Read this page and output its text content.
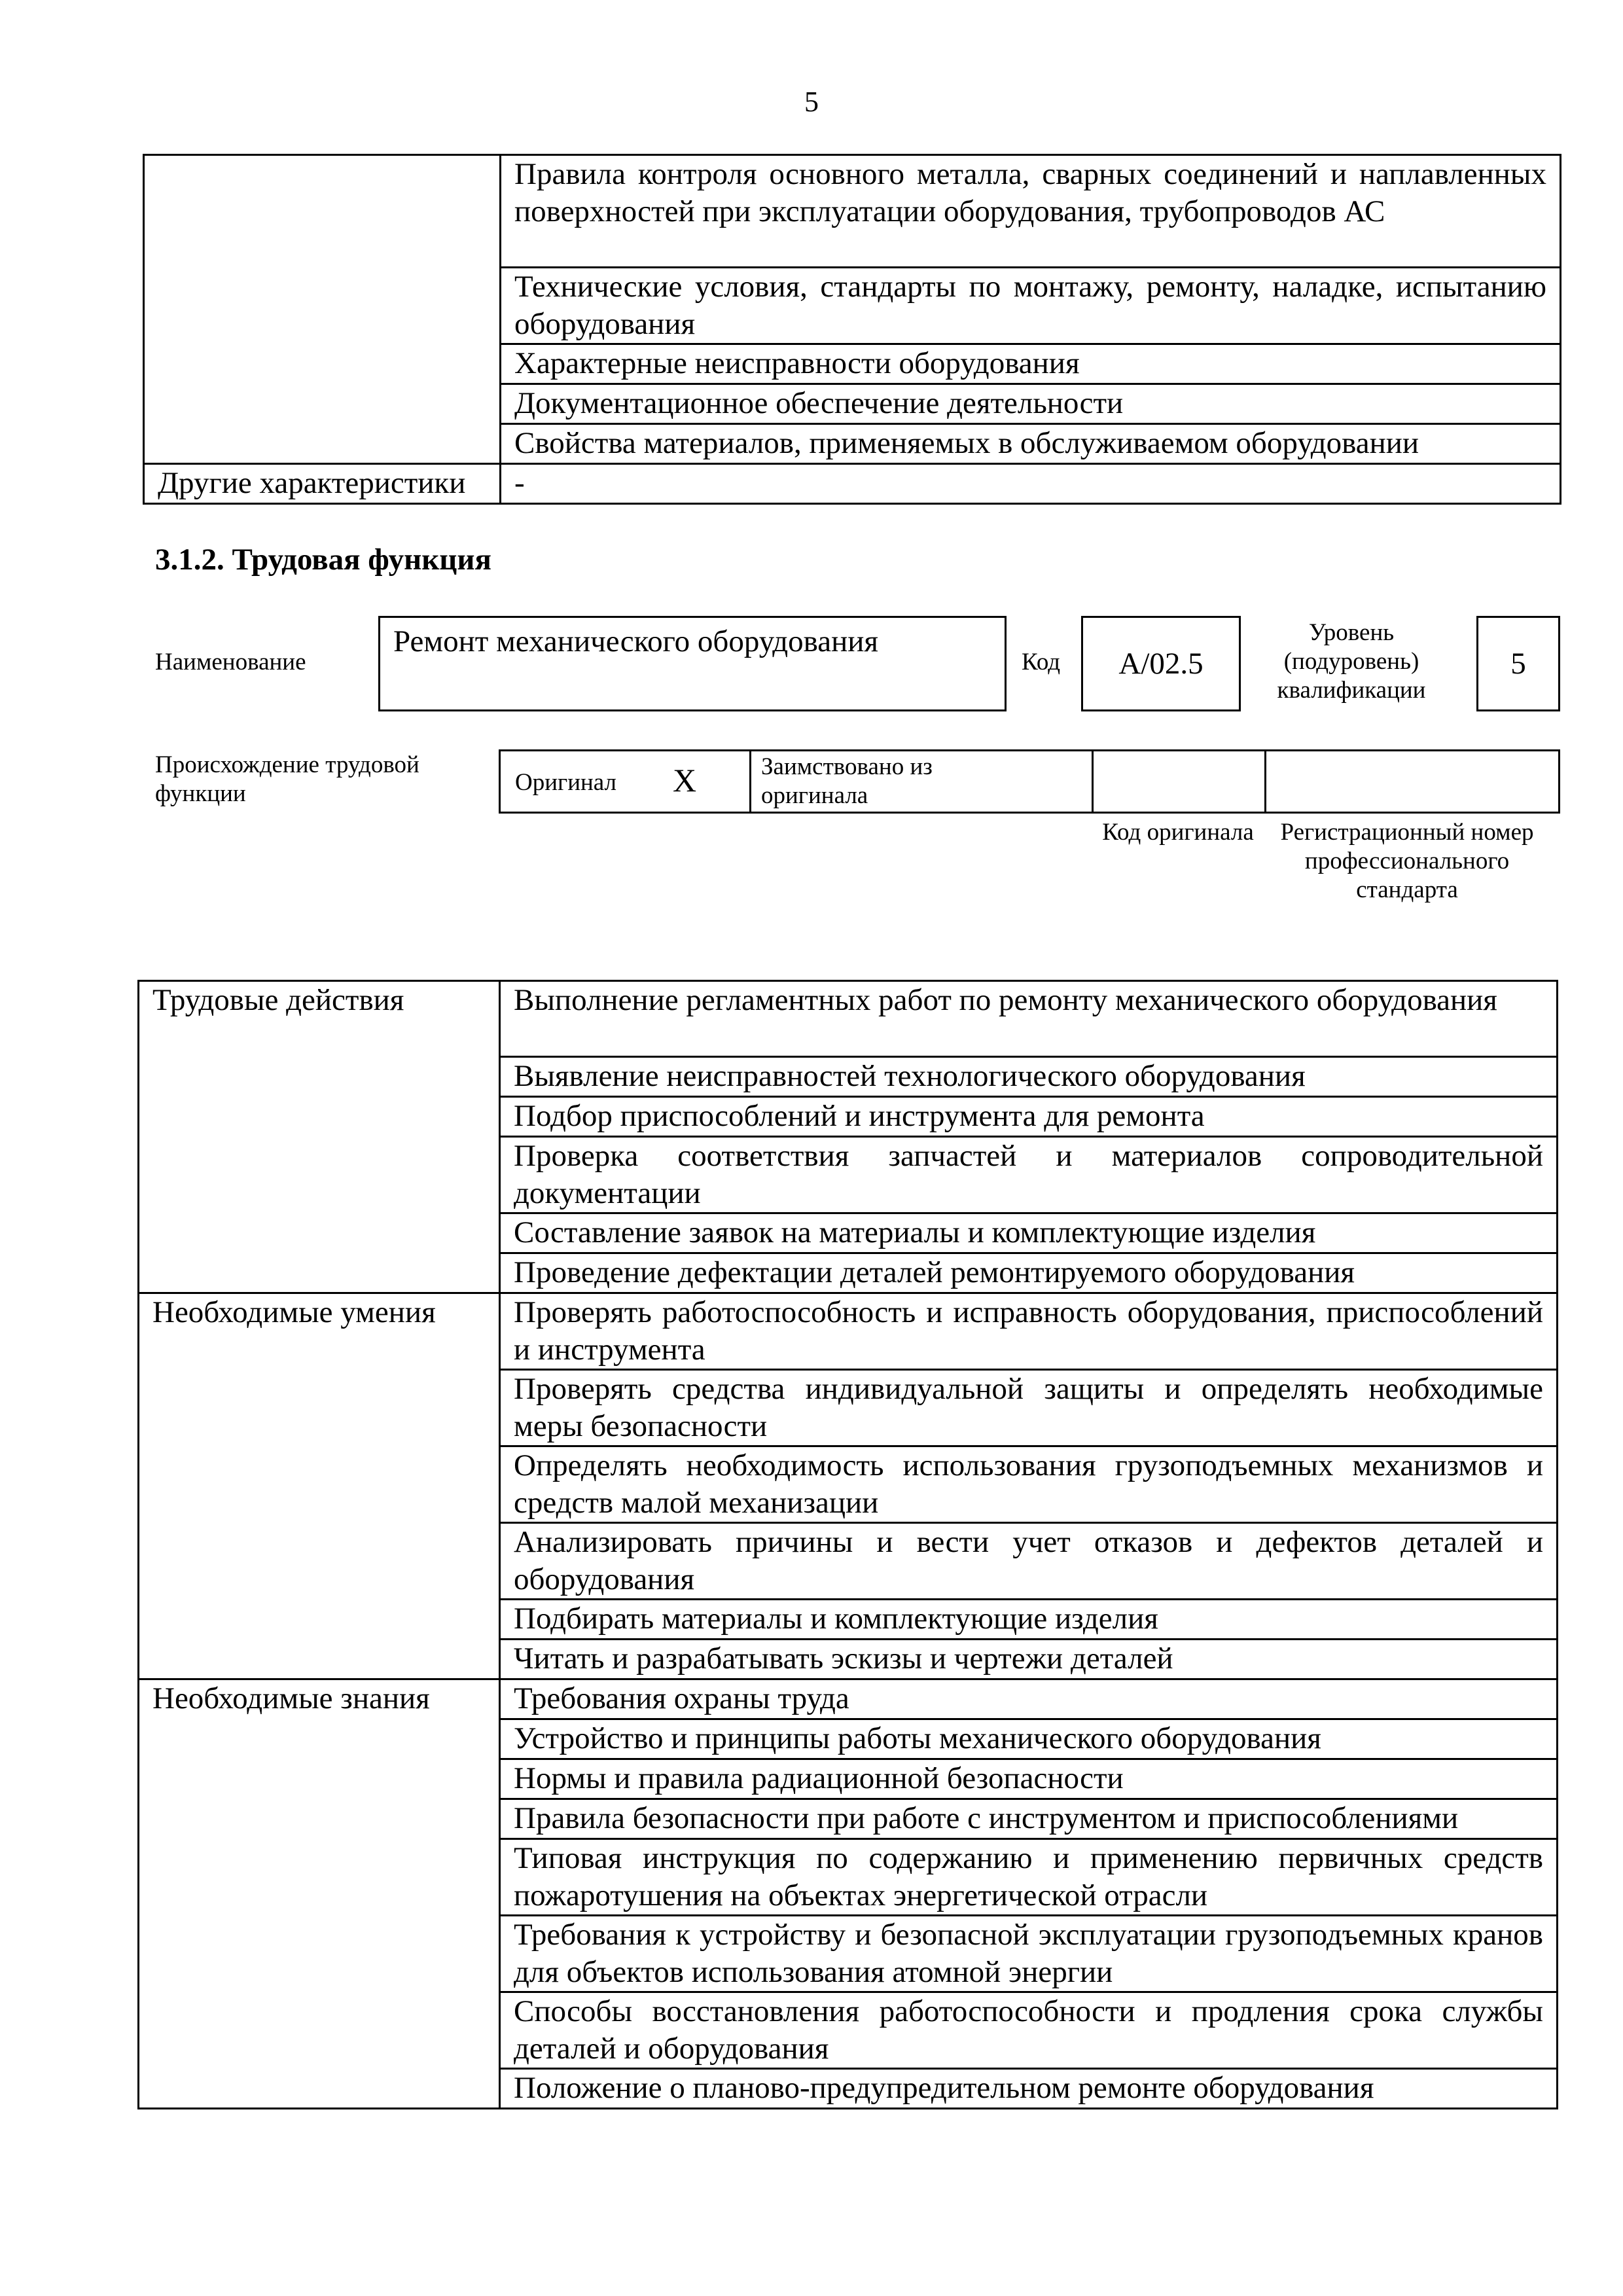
5
	Правила контроля основного металла, сварных соединений и наплавленных поверхностей при эксплуатации оборудования, трубопроводов АС
	Технические условия, стандарты по монтажу, ремонту, наладке, испытанию оборудования
	Характерные неисправности оборудования
	Документационное обеспечение деятельности
	Свойства материалов, применяемых в обслуживаемом оборудовании
Другие характеристики	-
3.1.2. Трудовая функция
Наименование
Ремонт механического оборудования
Код	А/02.5
Уровень (подуровень) квалификации
5
Происхождение трудовой функции	Оригинал X	Заимствовано из оригинала
Код оригинала	Регистрационный номер профессионального стандарта
Трудовые действия	Выполнение регламентных работ по ремонту механического оборудования
	Выявление неисправностей технологического оборудования
	Подбор приспособлений и инструмента для ремонта
	Проверка соответствия запчастей и материалов сопроводительной документации
	Составление заявок на материалы и комплектующие изделия
	Проведение дефектации деталей ремонтируемого оборудования
Необходимые умения	Проверять работоспособность и исправность оборудования, приспособлений и инструмента
	Проверять средства индивидуальной защиты и определять необходимые меры безопасности
	Определять необходимость использования грузоподъемных механизмов и средств малой механизации
	Анализировать причины и вести учет отказов и дефектов деталей и оборудования
	Подбирать материалы и комплектующие изделия
	Читать и разрабатывать эскизы и чертежи деталей
Необходимые знания	Требования охраны труда
	Устройство и принципы работы механического оборудования
	Нормы и правила радиационной безопасности
	Правила безопасности при работе с инструментом и приспособлениями
	Типовая инструкция по содержанию и применению первичных средств пожаротушения на объектах энергетической отрасли
	Требования к устройству и безопасной эксплуатации грузоподъемных кранов для объектов использования атомной энергии
	Способы восстановления работоспособности и продления срока службы деталей и оборудования
	Положение о планово-предупредительном ремонте оборудования
